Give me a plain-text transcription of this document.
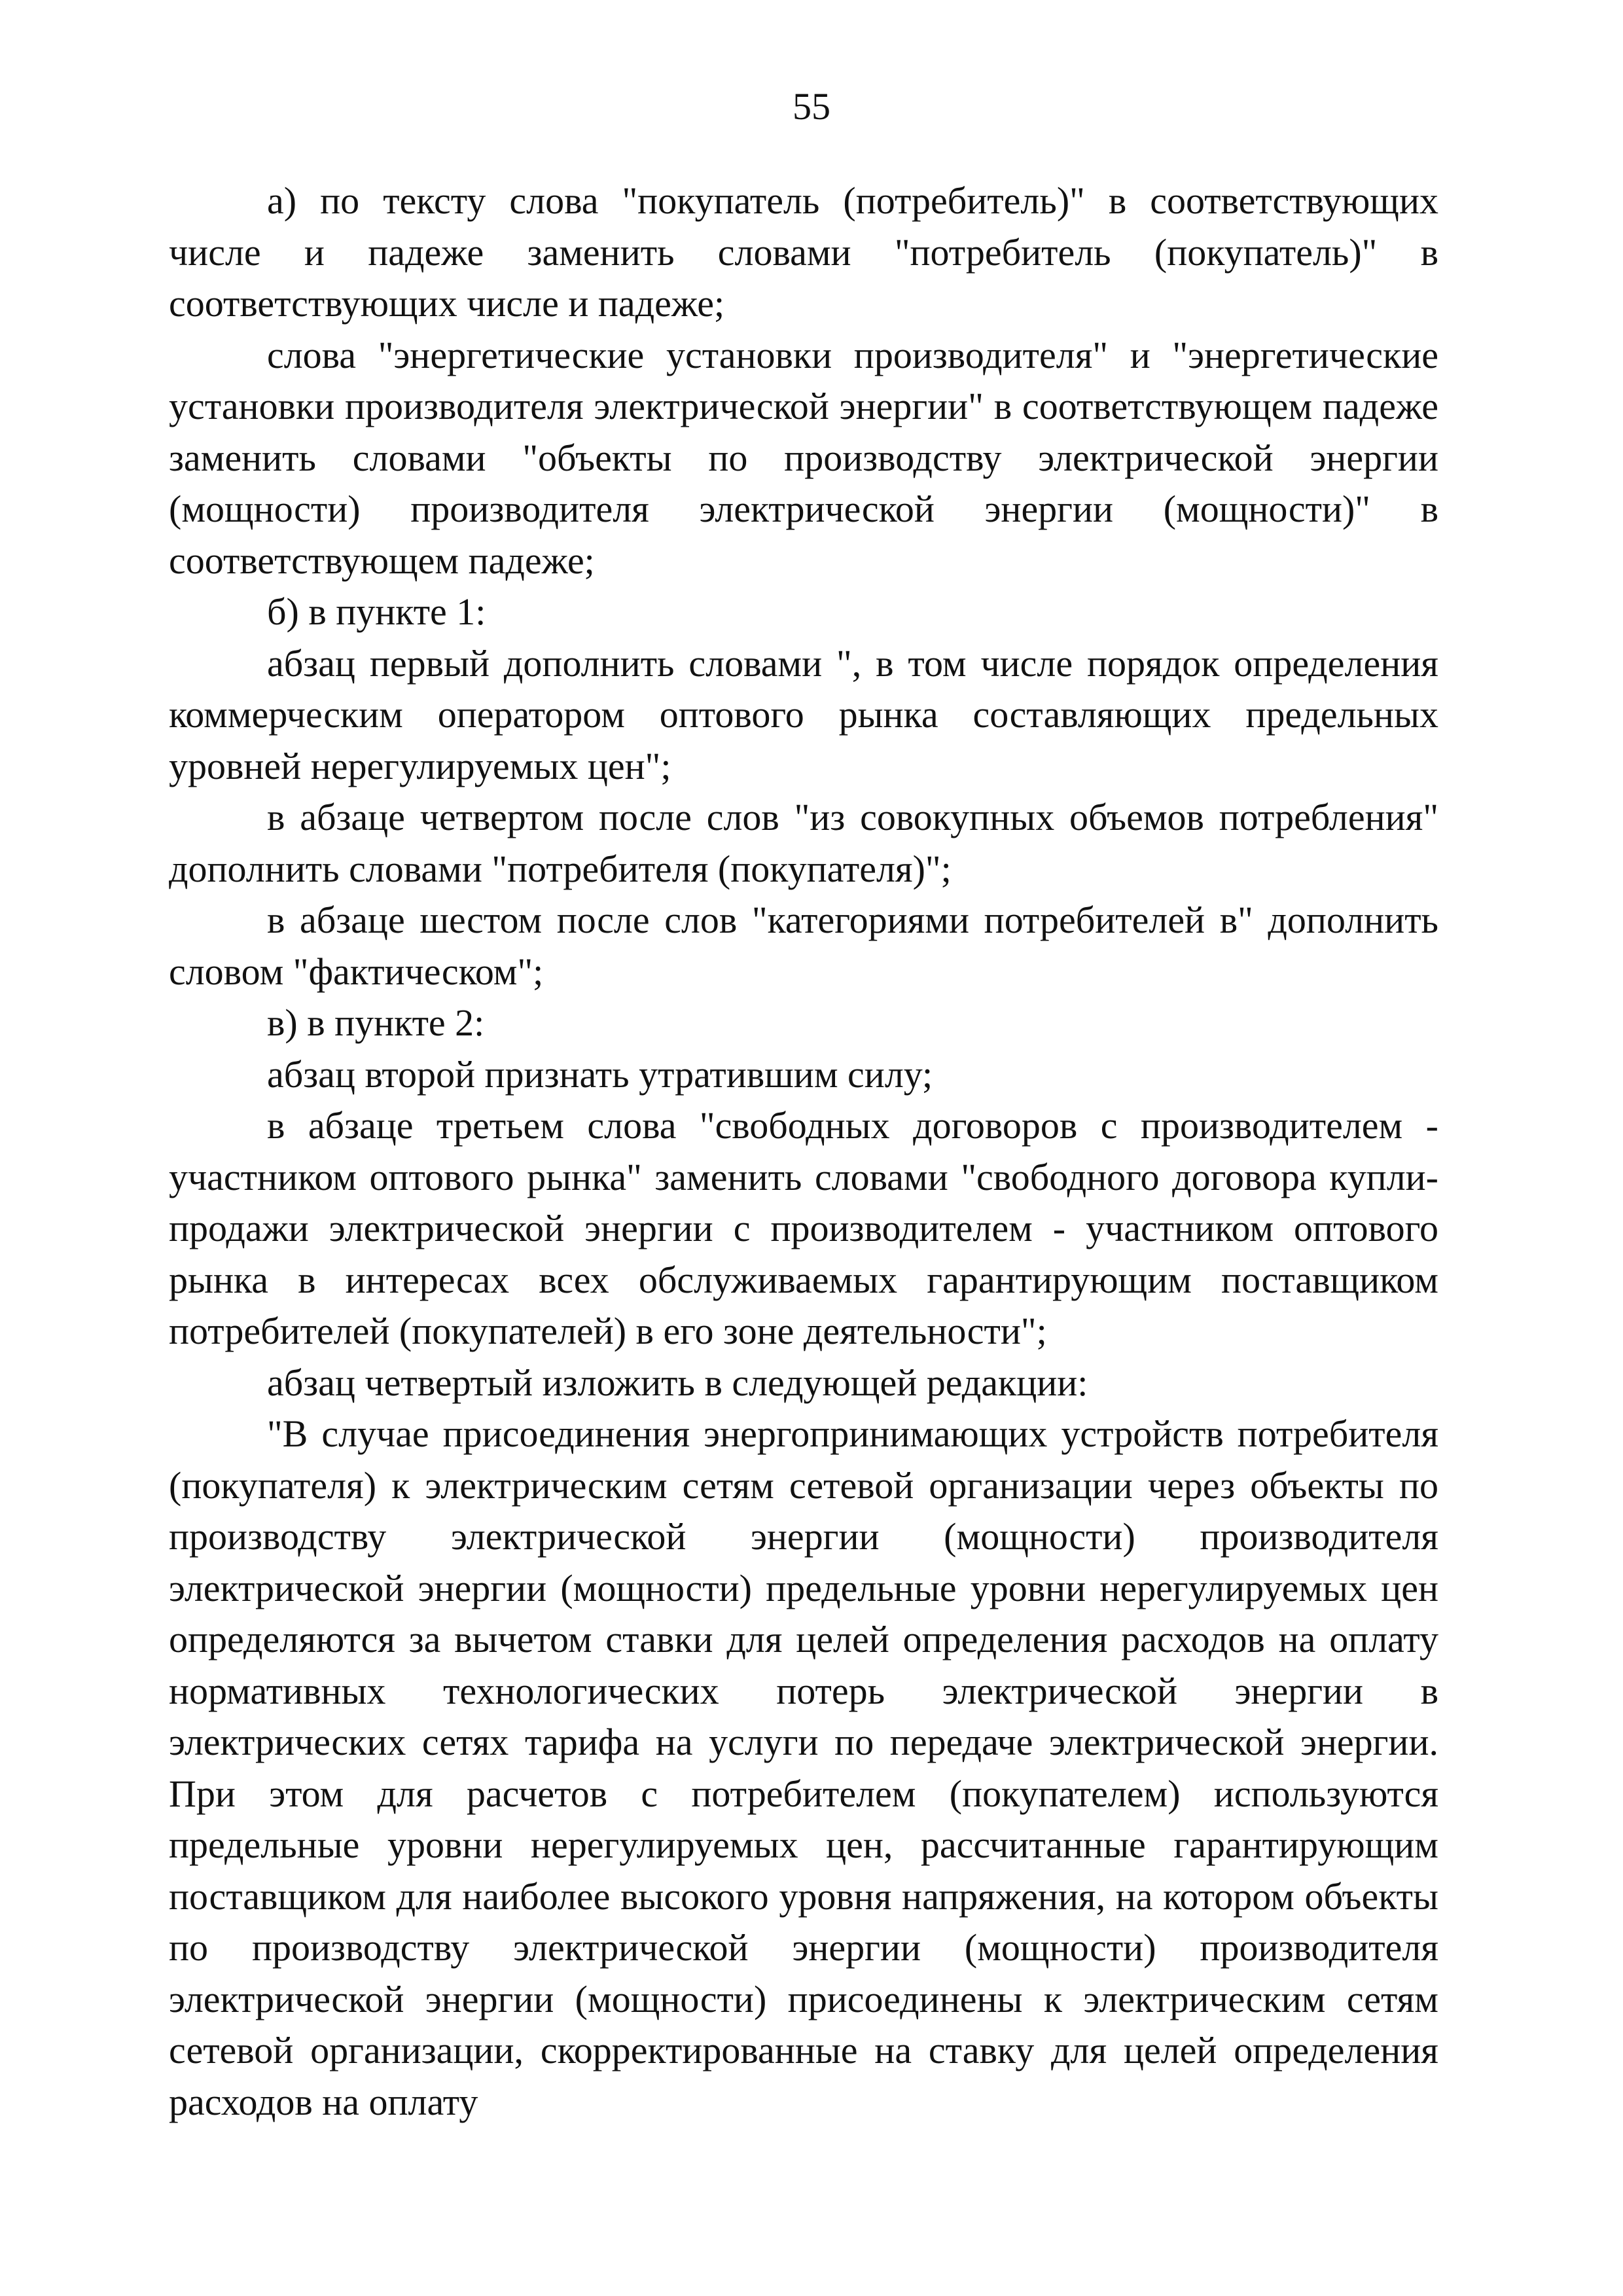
55

а) по тексту слова "покупатель (потребитель)" в соответствующих числе и падеже заменить словами "потребитель (покупатель)" в соответствующих числе и падеже;

слова "энергетические установки производителя" и "энергетические установки производителя электрической энергии" в соответствующем падеже заменить словами "объекты по производству электрической энергии (мощности) производителя электрической энергии (мощности)" в соответствующем падеже;

б) в пункте 1:

абзац первый дополнить словами ", в том числе порядок определения коммерческим оператором оптового рынка составляющих предельных уровней нерегулируемых цен";

в абзаце четвертом после слов "из совокупных объемов потребления" дополнить словами "потребителя (покупателя)";

в абзаце шестом после слов "категориями потребителей в" дополнить словом "фактическом";

в) в пункте 2:

абзац второй признать утратившим силу;

в абзаце третьем слова "свободных договоров с производителем - участником оптового рынка" заменить словами "свободного договора купли-продажи электрической энергии с производителем - участником оптового рынка в интересах всех обслуживаемых гарантирующим поставщиком потребителей (покупателей) в его зоне деятельности";

абзац четвертый изложить в следующей редакции:

"В случае присоединения энергопринимающих устройств потребителя (покупателя) к электрическим сетям сетевой организации через объекты по производству электрической энергии (мощности) производителя электрической энергии (мощности) предельные уровни нерегулируемых цен определяются за вычетом ставки для целей определения расходов на оплату нормативных технологических потерь электрической энергии в электрических сетях тарифа на услуги по передаче электрической энергии. При этом для расчетов с потребителем (покупателем) используются предельные уровни нерегулируемых цен, рассчитанные гарантирующим поставщиком для наиболее высокого уровня напряжения, на котором объекты по производству электрической энергии (мощности) производителя электрической энергии (мощности) присоединены к электрическим сетям сетевой организации, скорректированные на ставку для целей определения расходов на оплату
